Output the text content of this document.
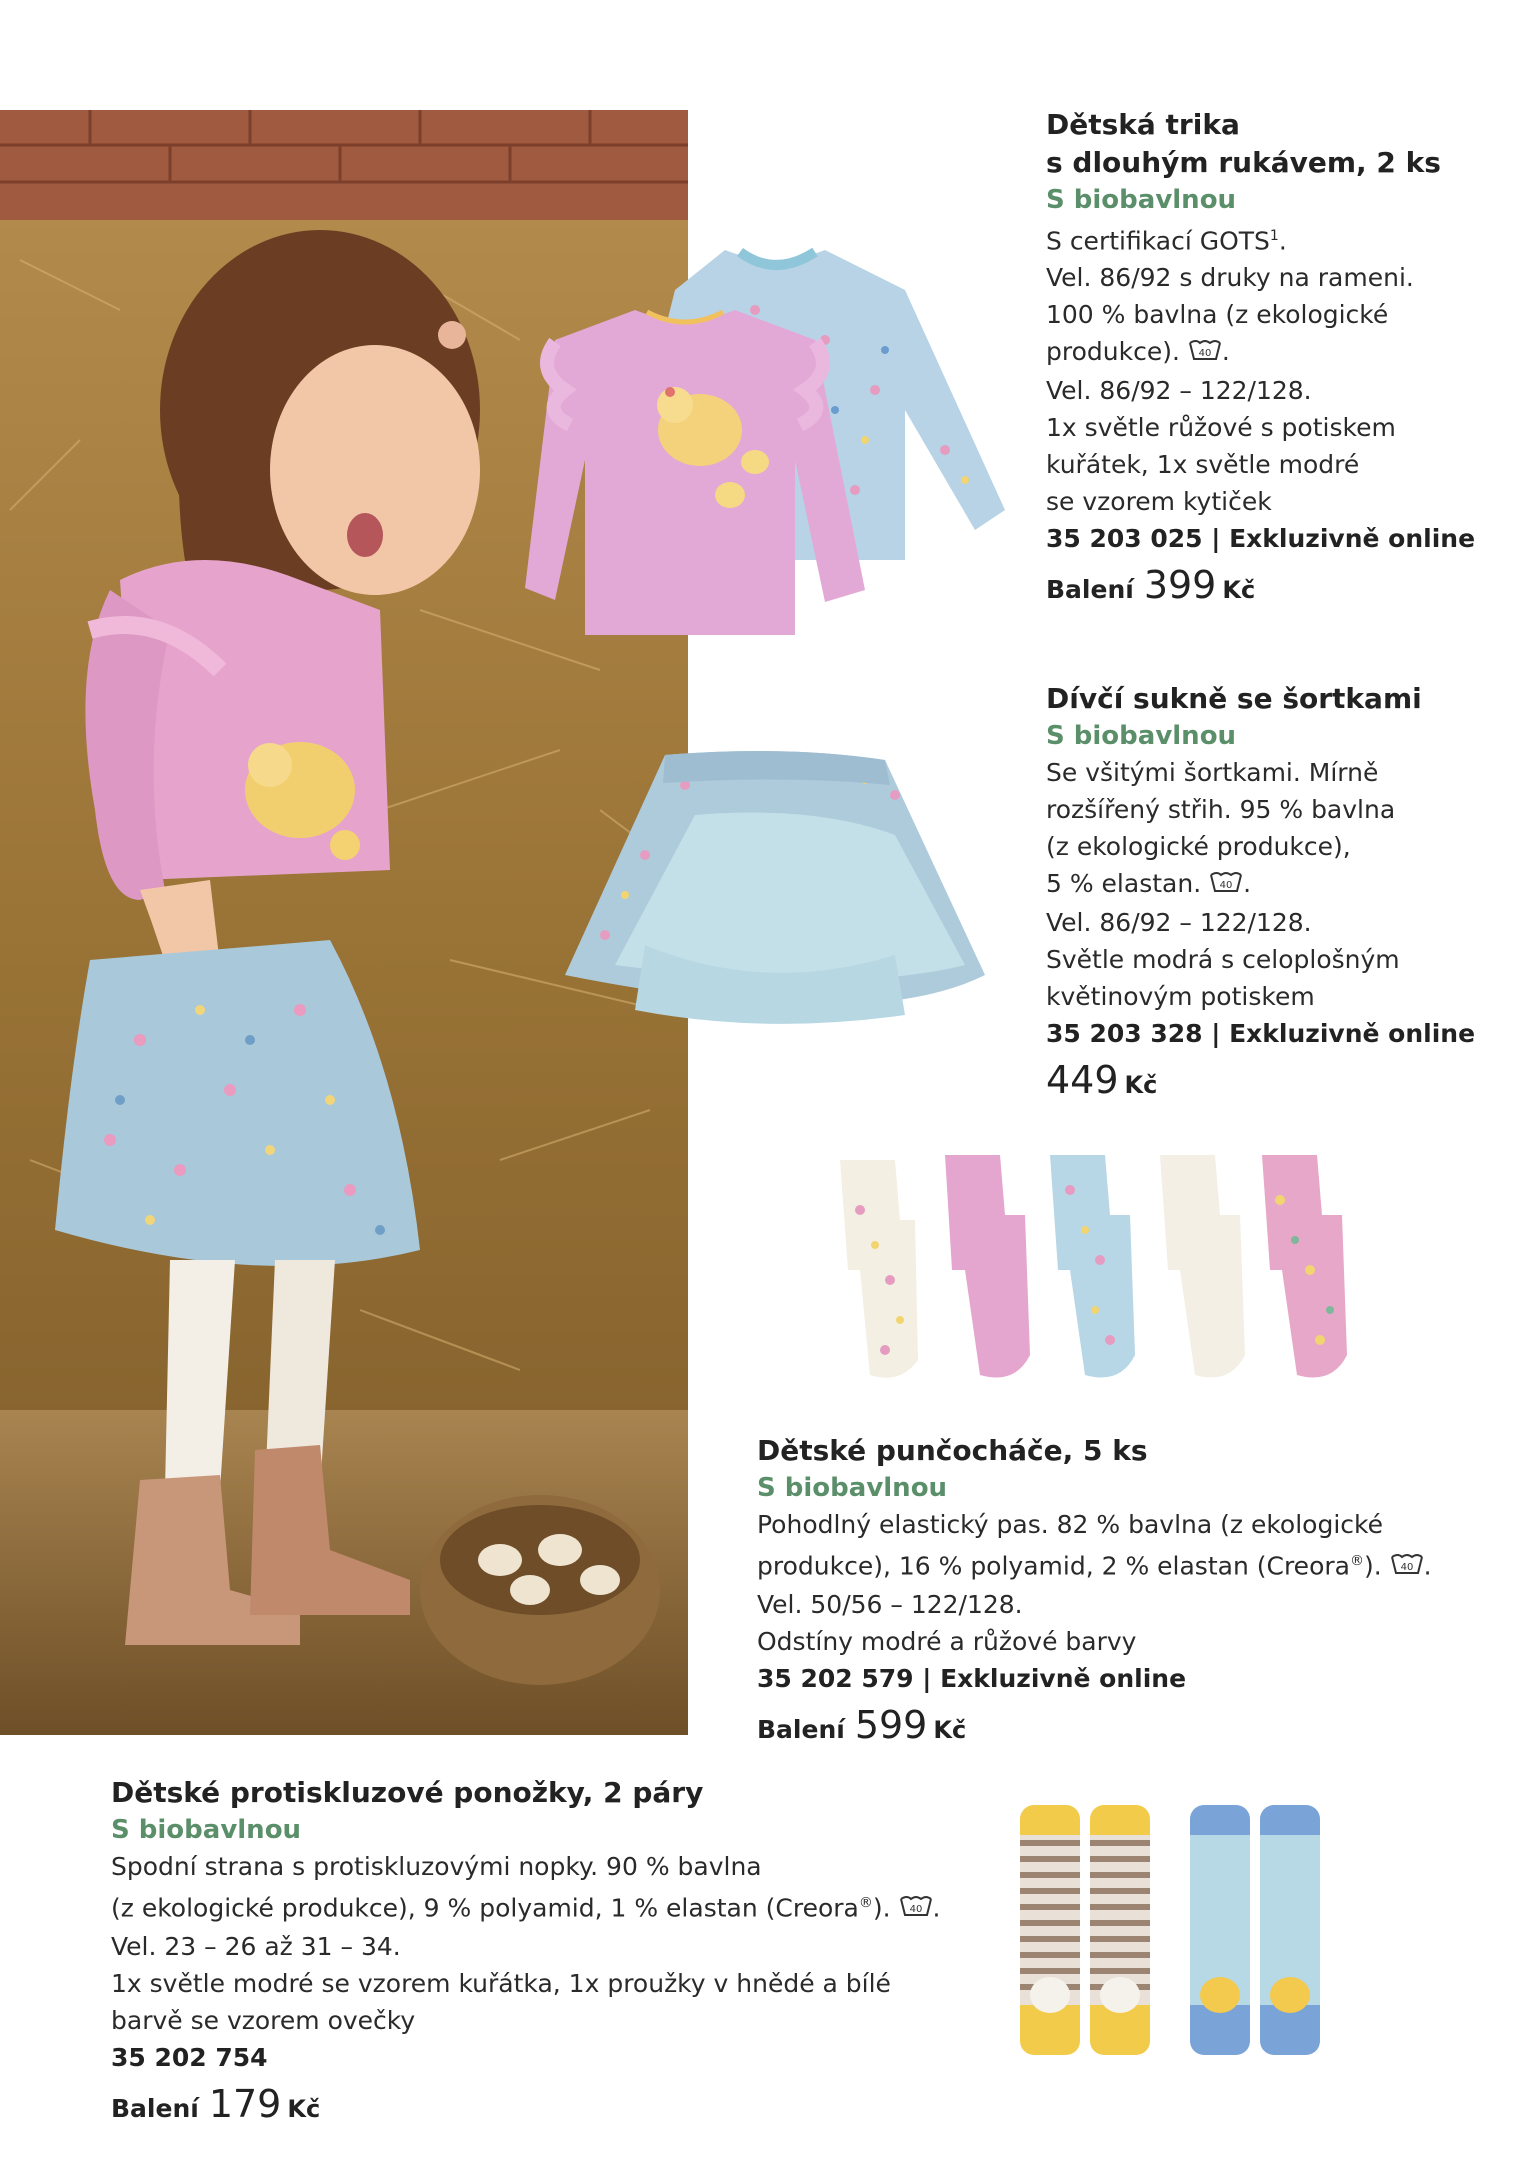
Dětská trika
s dlouhým rukávem, 2 ks
S biobavlnou
S certifikací GOTS$^1$.
Vel. 86/92 s druky na rameni.
100 % bavlna (z ekologické
produkce). 40 .
Vel. 86/92 – 122/128.
1x světle růžové s potiskem
kuřátek, 1x světle modré
se vzorem kytiček
35 203 025 | Exkluzivně online
Balení 399 Kč
Dívčí sukně se šortkami
S biobavlnou
Se všitými šortkami. Mírně
rozšířený střih. 95 % bavlna
(z ekologické produkce),
5 % elastan. 40 .
Vel. 86/92 – 122/128.
Světle modrá s celoplošným
květinovým potiskem
35 203 328 | Exkluzivně online
449 Kč
Dětské punčocháče, 5 ks
S biobavlnou
Pohodlný elastický pas. 82 % bavlna (z ekologické
produkce), 16 % polyamid, 2 % elastan (Creora®). 40 .
Vel. 50/56 – 122/128.
Odstíny modré a růžové barvy
35 202 579 | Exkluzivně online
Balení 599 Kč
Dětské protiskluzové ponožky, 2 páry
S biobavlnou
Spodní strana s protiskluzovými nopky. 90 % bavlna
(z ekologické produkce), 9 % polyamid, 1 % elastan (Creora®). 40 .
Vel. 23 – 26 až 31 – 34.
1x světle modré se vzorem kuřátka, 1x proužky v hnědé a bílé
barvě se vzorem ovečky
35 202 754
Balení 179 Kč
